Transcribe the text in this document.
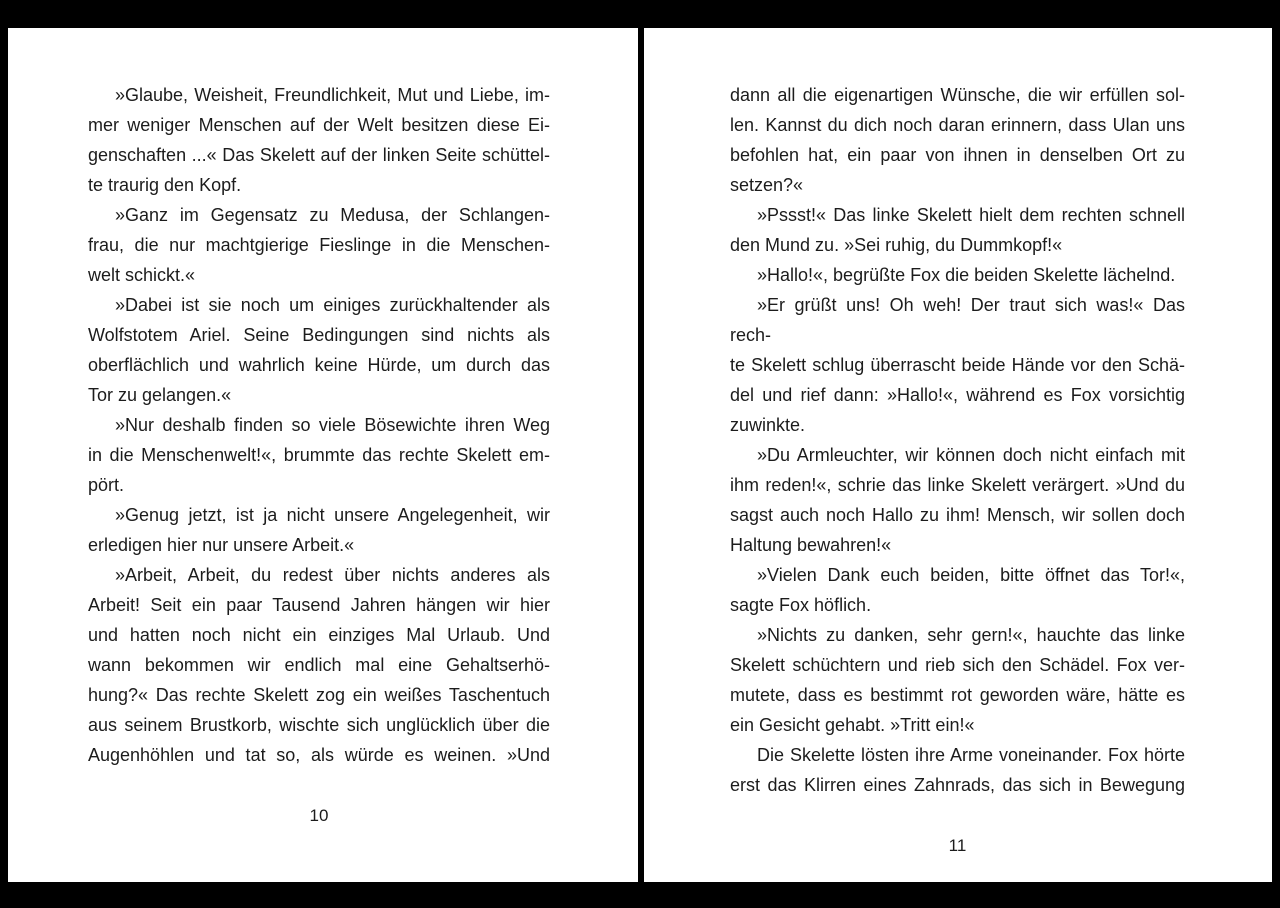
»Glaube, Weisheit, Freundlichkeit, Mut und Liebe, im-
mer weniger Menschen auf der Welt besitzen diese Ei-
genschaften ...« Das Skelett auf der linken Seite schüttel-
te traurig den Kopf.
»Ganz im Gegensatz zu Medusa, der Schlangen-
frau, die nur machtgierige Fieslinge in die Menschen-
welt schickt.«
»Dabei ist sie noch um einiges zurückhaltender als
Wolfstotem Ariel. Seine Bedingungen sind nichts als
oberflächlich und wahrlich keine Hürde, um durch das
Tor zu gelangen.«
»Nur deshalb finden so viele Bösewichte ihren Weg
in die Menschenwelt!«, brummte das rechte Skelett em-
pört.
»Genug jetzt, ist ja nicht unsere Angelegenheit, wir
erledigen hier nur unsere Arbeit.«
»Arbeit, Arbeit, du redest über nichts anderes als
Arbeit! Seit ein paar Tausend Jahren hängen wir hier
und hatten noch nicht ein einziges Mal Urlaub. Und
wann bekommen wir endlich mal eine Gehaltserhö-
hung?« Das rechte Skelett zog ein weißes Taschentuch
aus seinem Brustkorb, wischte sich unglücklich über die
Augenhöhlen und tat so, als würde es weinen. »Und
10
dann all die eigenartigen Wünsche, die wir erfüllen sol-
len. Kannst du dich noch daran erinnern, dass Ulan uns
befohlen hat, ein paar von ihnen in denselben Ort zu
setzen?«
»Pssst!« Das linke Skelett hielt dem rechten schnell
den Mund zu. »Sei ruhig, du Dummkopf!«
»Hallo!«, begrüßte Fox die beiden Skelette lächelnd.
»Er grüßt uns! Oh weh! Der traut sich was!« Das rech-
te Skelett schlug überrascht beide Hände vor den Schä-
del und rief dann: »Hallo!«, während es Fox vorsichtig
zuwinkte.
»Du Armleuchter, wir können doch nicht einfach mit
ihm reden!«, schrie das linke Skelett verärgert. »Und du
sagst auch noch Hallo zu ihm! Mensch, wir sollen doch
Haltung bewahren!«
»Vielen Dank euch beiden, bitte öffnet das Tor!«,
sagte Fox höflich.
»Nichts zu danken, sehr gern!«, hauchte das linke
Skelett schüchtern und rieb sich den Schädel. Fox ver-
mutete, dass es bestimmt rot geworden wäre, hätte es
ein Gesicht gehabt. »Tritt ein!«
Die Skelette lösten ihre Arme voneinander. Fox hörte
erst das Klirren eines Zahnrads, das sich in Bewegung
11
